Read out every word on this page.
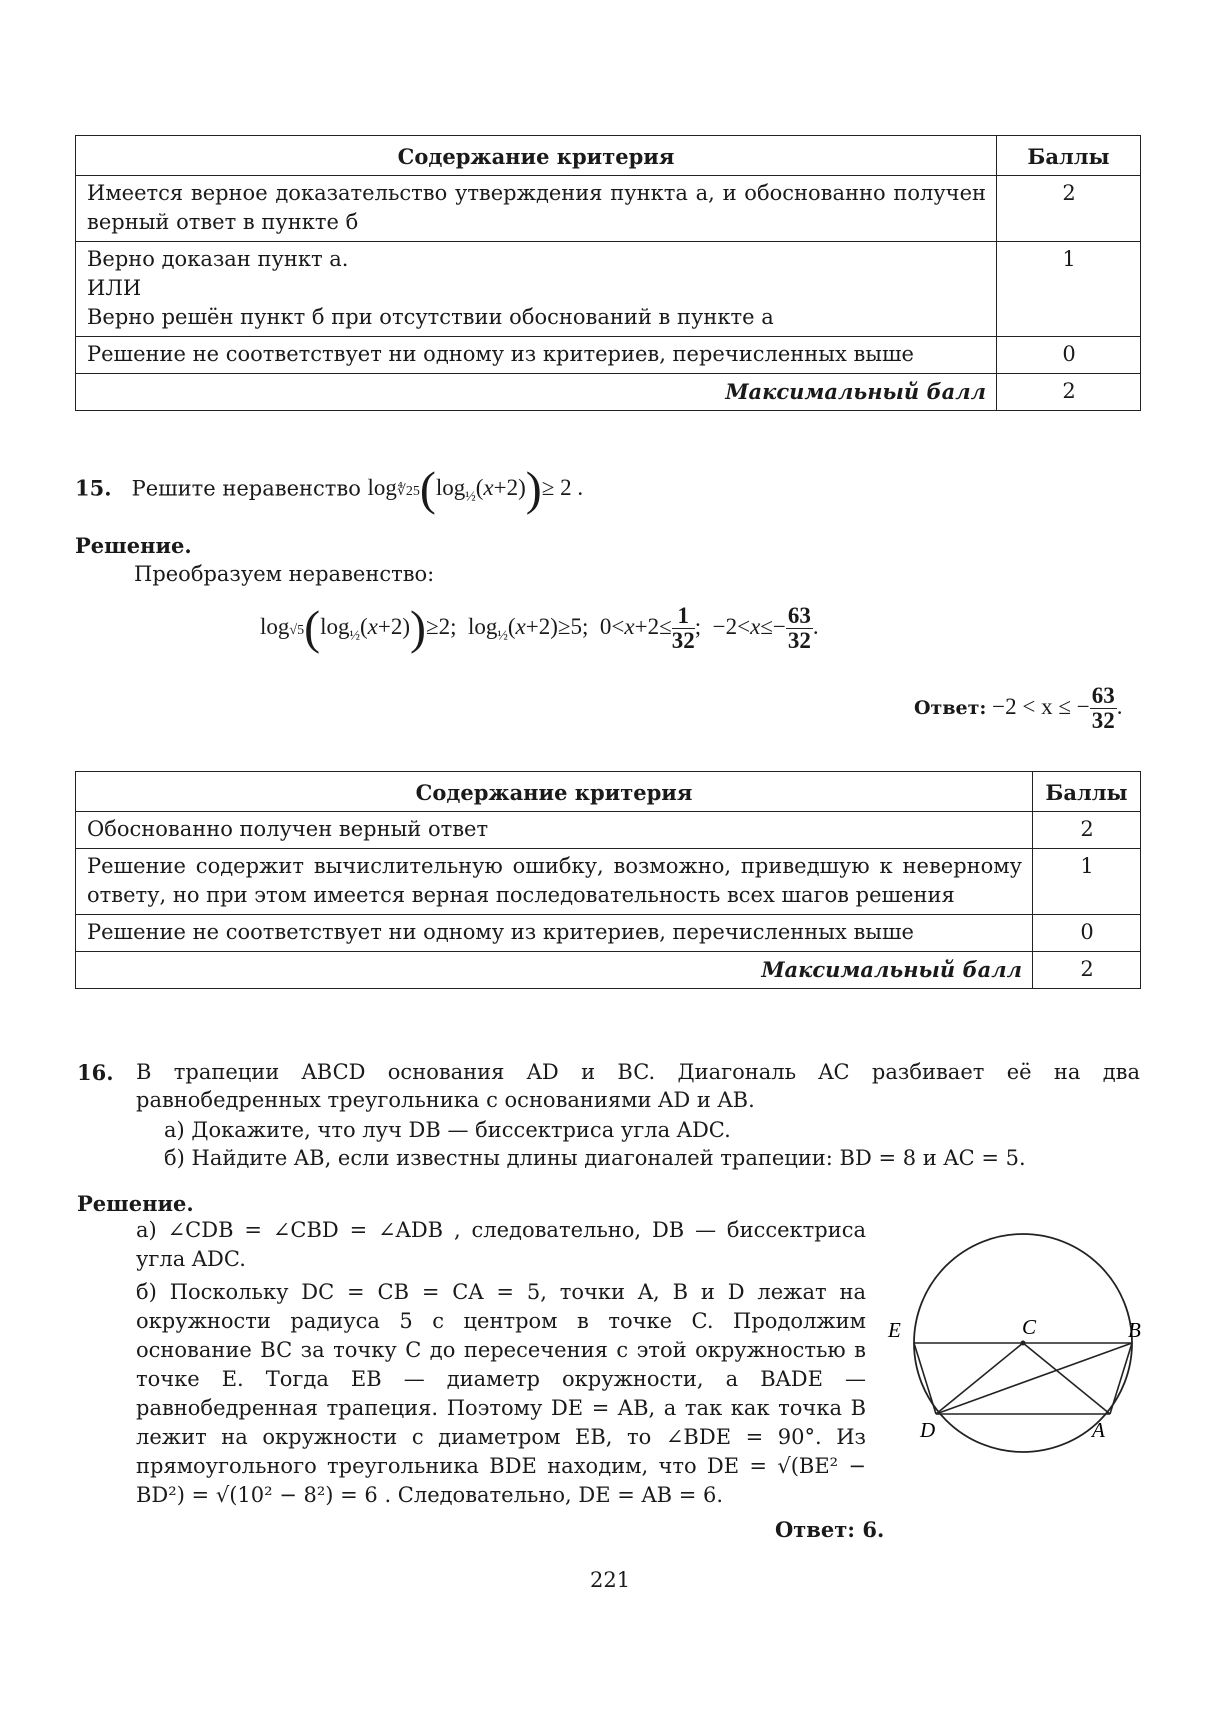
Содержание критерия	Баллы
Имеется верное доказательство утверждения пункта а, и обоснованно получен верный ответ в пункте б	2

Верно доказан пункт а.
ИЛИ
Верно решён пункт б при отсутствии обоснований в пункте а	1
Решение не соответствует ни одному из критериев, перечисленных выше	0
Максимальный балл	2
15. Решите неравенство $\log∜25(\log_{\frac{1}{2}}(x+2))\ge 2$ .
Решение.
Преобразуем неравенство:
$\log√5(\log_{\frac{1}{2}}(x+2))\ge 2$;  $\log_{\frac{1}{2}}(x+2)\ge 5$;  $0<x+2\le \frac{1}{32}$ ;  $-2<x\le- \frac{63}{32}$ .
Ответ: −2 < x ≤ − $\frac{63}{32}$ .
Содержание критерия	Баллы
Обоснованно получен верный ответ	2
Решение содержит вычислительную ошибку, возможно, приведшую к неверному ответу, но при этом имеется верная последовательность всех шагов решения	1
Решение не соответствует ни одному из критериев, перечисленных выше	0
Максимальный балл	2
16. В трапеции ABCD основания AD и BC. Диагональ AC разбивает её на два равнобедренных треугольника с основаниями AD и AB.
а) Докажите, что луч DB — биссектриса угла ADC.
б) Найдите AB, если известны длины диагоналей трапеции: BD = 8 и AC = 5.
Решение.
а) ∠CDB = ∠CBD = ∠ADB , следовательно, DB — биссектриса угла ADC.
б) Поскольку DC = CB = CA = 5, точки A, B и D лежат на окружности радиуса 5 с центром в точке C. Продолжим основание BC за точку C до пересечения с этой окружностью в точке E. Тогда EB — диаметр окружности, а BADE — равнобедренная трапеция. Поэтому DE = AB, а так как точка B лежит на окружности с диаметром EB, то ∠BDE = 90°. Из прямоугольного треугольника BDE находим, что DE = √(BE² − BD²) = √(10² − 8²) = 6 . Следовательно, DE = AB = 6.
Ответ: 6.
E	C	B
D	A
221
